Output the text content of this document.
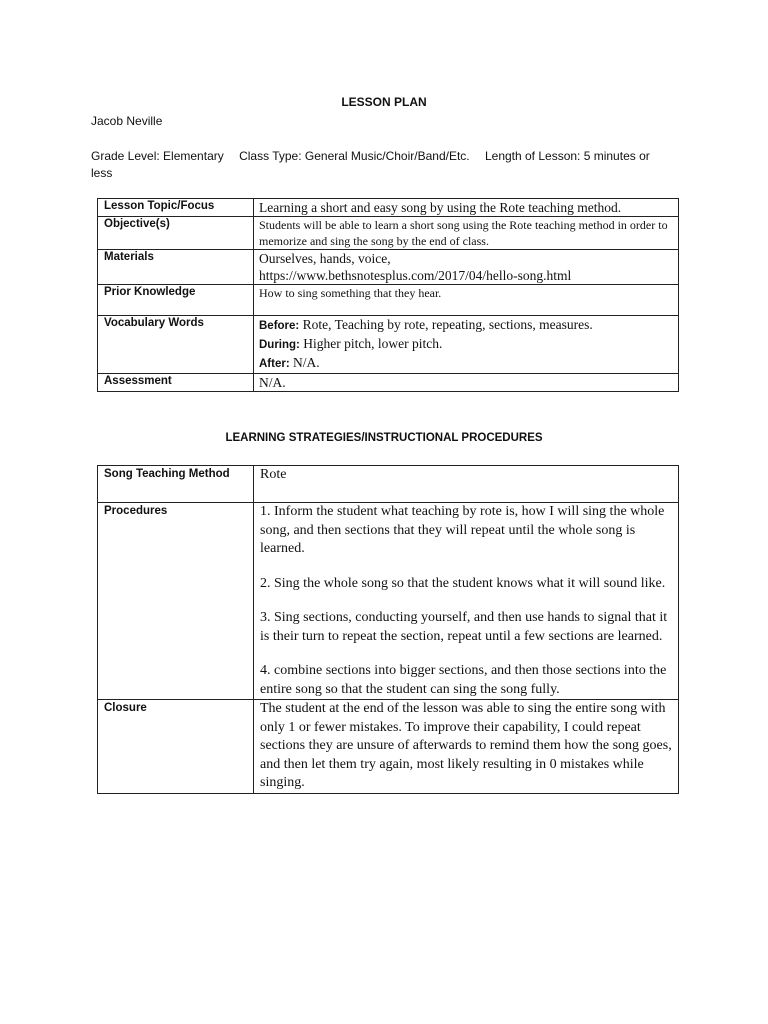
LESSON PLAN
Jacob Neville
Grade Level: Elementary Class Type: General Music/Choir/Band/Etc. Length of Lesson: 5 minutes or less
Lesson Topic/Focus	Learning a short and easy song by using the Rote teaching method.
Objective(s)	Students will be able to learn a short song using the Rote teaching method in order to memorize and sing the song by the end of class.
Materials	Ourselves, hands, voice,
https://www.bethsnotesplus.com/2017/04/hello-song.html

Prior Knowledge	How to sing something that they hear.
Vocabulary Words	Before: Rote, Teaching by rote, repeating, sections, measures.
During: Higher pitch, lower pitch.
After: N/A.

Assessment	N/A.
LEARNING STRATEGIES/INSTRUCTIONAL PROCEDURES
Song Teaching Method	Rote
Procedures	1. Inform the student what teaching by rote is, how I will sing the whole song, and then sections that they will repeat until the whole song is learned.

2. Sing the whole song so that the student knows what it will sound like.

3. Sing sections, conducting yourself, and then use hands to signal that it is their turn to repeat the section, repeat until a few sections are learned.

4. combine sections into bigger sections, and then those sections into the entire song so that the student can sing the song fully.

Closure	The student at the end of the lesson was able to sing the entire song with only 1 or fewer mistakes. To improve their capability, I could repeat sections they are unsure of afterwards to remind them how the song goes, and then let them try again, most likely resulting in 0 mistakes while singing.
